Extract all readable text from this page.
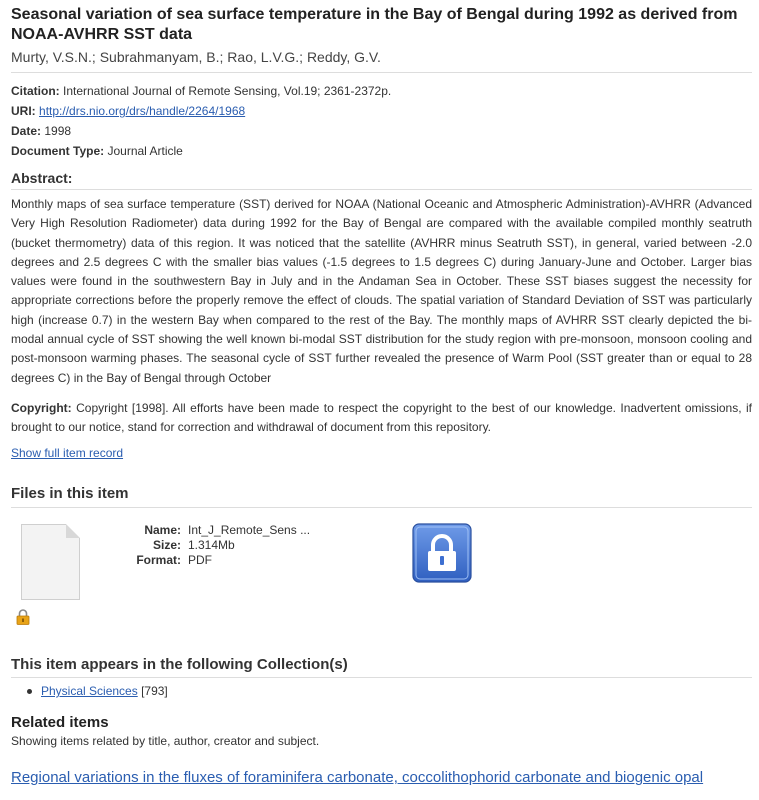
Seasonal variation of sea surface temperature in the Bay of Bengal during 1992 as derived from NOAA-AVHRR SST data
Murty, V.S.N.; Subrahmanyam, B.; Rao, L.V.G.; Reddy, G.V.
Citation: International Journal of Remote Sensing, Vol.19; 2361-2372p.
URI: http://drs.nio.org/drs/handle/2264/1968
Date: 1998
Document Type: Journal Article
Abstract:
Monthly maps of sea surface temperature (SST) derived for NOAA (National Oceanic and Atmospheric Administration)-AVHRR (Advanced Very High Resolution Radiometer) data during 1992 for the Bay of Bengal are compared with the available compiled monthly seatruth (bucket thermometry) data of this region. It was noticed that the satellite (AVHRR minus Seatruth SST), in general, varied between -2.0 degrees and 2.5 degrees C with the smaller bias values (-1.5 degrees to 1.5 degrees C) during January-June and October. Larger bias values were found in the southwestern Bay in July and in the Andaman Sea in October. These SST biases suggest the necessity for appropriate corrections before the properly remove the effect of clouds. The spatial variation of Standard Deviation of SST was particularly high (increase 0.7) in the western Bay when compared to the rest of the Bay. The monthly maps of AVHRR SST clearly depicted the bi-modal annual cycle of SST showing the well known bi-modal SST distribution for the study region with pre-monsoon, monsoon cooling and post-monsoon warming phases. The seasonal cycle of SST further revealed the presence of Warm Pool (SST greater than or equal to 28 degrees C) in the Bay of Bengal through October
Copyright: Copyright [1998]. All efforts have been made to respect the copyright to the best of our knowledge. Inadvertent omissions, if brought to our notice, stand for correction and withdrawal of document from this repository.
Show full item record
Files in this item
Name: Int_J_Remote_Sens ...
Size: 1.314Mb
Format: PDF
This item appears in the following Collection(s)
Physical Sciences [793]
Related items
Showing items related by title, author, creator and subject.
Regional variations in the fluxes of foraminifera carbonate, coccolithophorid carbonate and biogenic opal
